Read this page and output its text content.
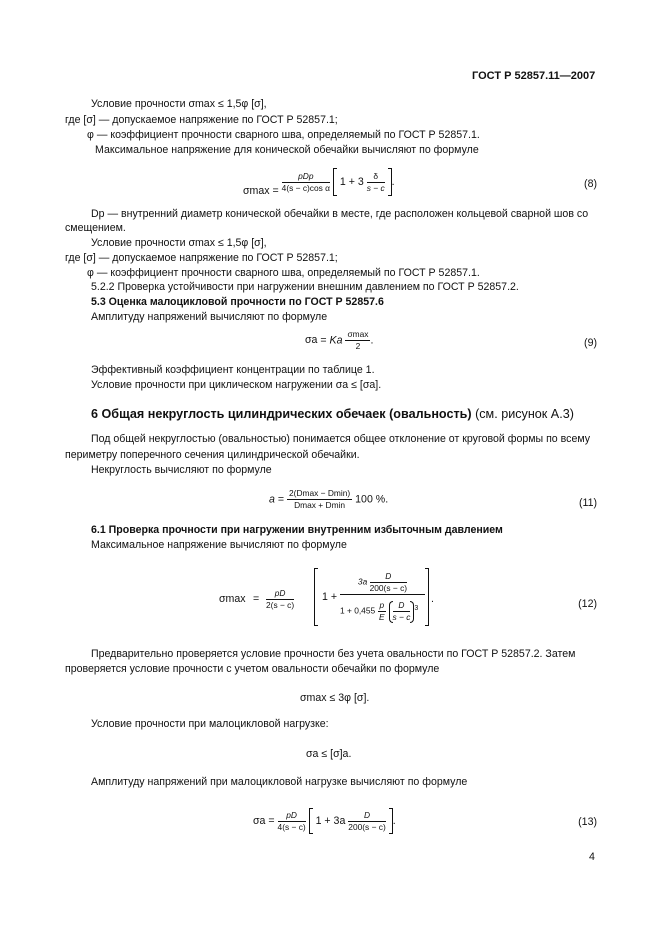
ГОСТ Р 52857.11—2007
Условие прочности σmax ≤ 1,5φ [σ],
где [σ] — допускаемое напряжение по ГОСТ Р 52857.1;
φ — коэффициент прочности сварного шва, определяемый по ГОСТ Р 52857.1.
Максимальное напряжение для конической обечайки вычисляют по формуле
$\sigma\max = \frac{\text{pDр}}{\text{4(s − c)cos α}} 1 + 3 \frac{\delta}{s - c}$ .	(8)
Dр — внутренний диаметр конической обечайки в месте, где расположен кольцевой сварной шов со
смещением.
Условие прочности σmax ≤ 1,5φ [σ],
где [σ] — допускаемое напряжение по ГОСТ Р 52857.1;
φ — коэффициент прочности сварного шва, определяемый по ГОСТ Р 52857.1.
5.2.2 Проверка устойчивости при нагружении внешним давлением по ГОСТ Р 52857.2.
5.3 Оценка малоцикловой прочности по ГОСТ Р 52857.6
Амплитуду напряжений вычисляют по формуле
σа = Kа $\frac{\sigma\max}{2}$ .	(9)
Эффективный коэффициент концентрации по таблице 1.
Условие прочности при циклическом нагружении σа ≤ [σа].
6 Общая некруглость цилиндрических обечаек (овальность) (см. рисунок А.3)
Под общей некруглостью (овальностью) понимается общее отклонение от круговой формы по всему
периметру поперечного сечения цилиндрической обечайки.
Некруглость вычисляют по формуле
$a = \frac{2(Dmax - Dmin)}{Dmax + Dmin} 100$ %.	(11)
6.1 Проверка прочности при нагружении внутренним избыточным давлением
Максимальное напряжение вычисляют по формуле
$\sigma\max = \frac{pD}{2(s - c)}$	1 +
$3a \frac{D}{200(s - c)}$
$1 + 0,455 \frac{p}{E}$
$\frac{D}{s - c} ^3$
.	(12)
Предварительно проверяется условие прочности без учета овальности по ГОСТ Р 52857.2. Затем
проверяется условие прочности с учетом овальности обечайки по формуле
σmax ≤ 3φ [σ].
Условие прочности при малоцикловой нагрузке:
σа ≤ [σ]а.
Амплитуду напряжений при малоцикловой нагрузке вычисляют по формуле
$\sigma а = \frac{pD}{4(s - c)} 1 + 3a \frac{D}{200(s - c)}$ .	(13)
4
